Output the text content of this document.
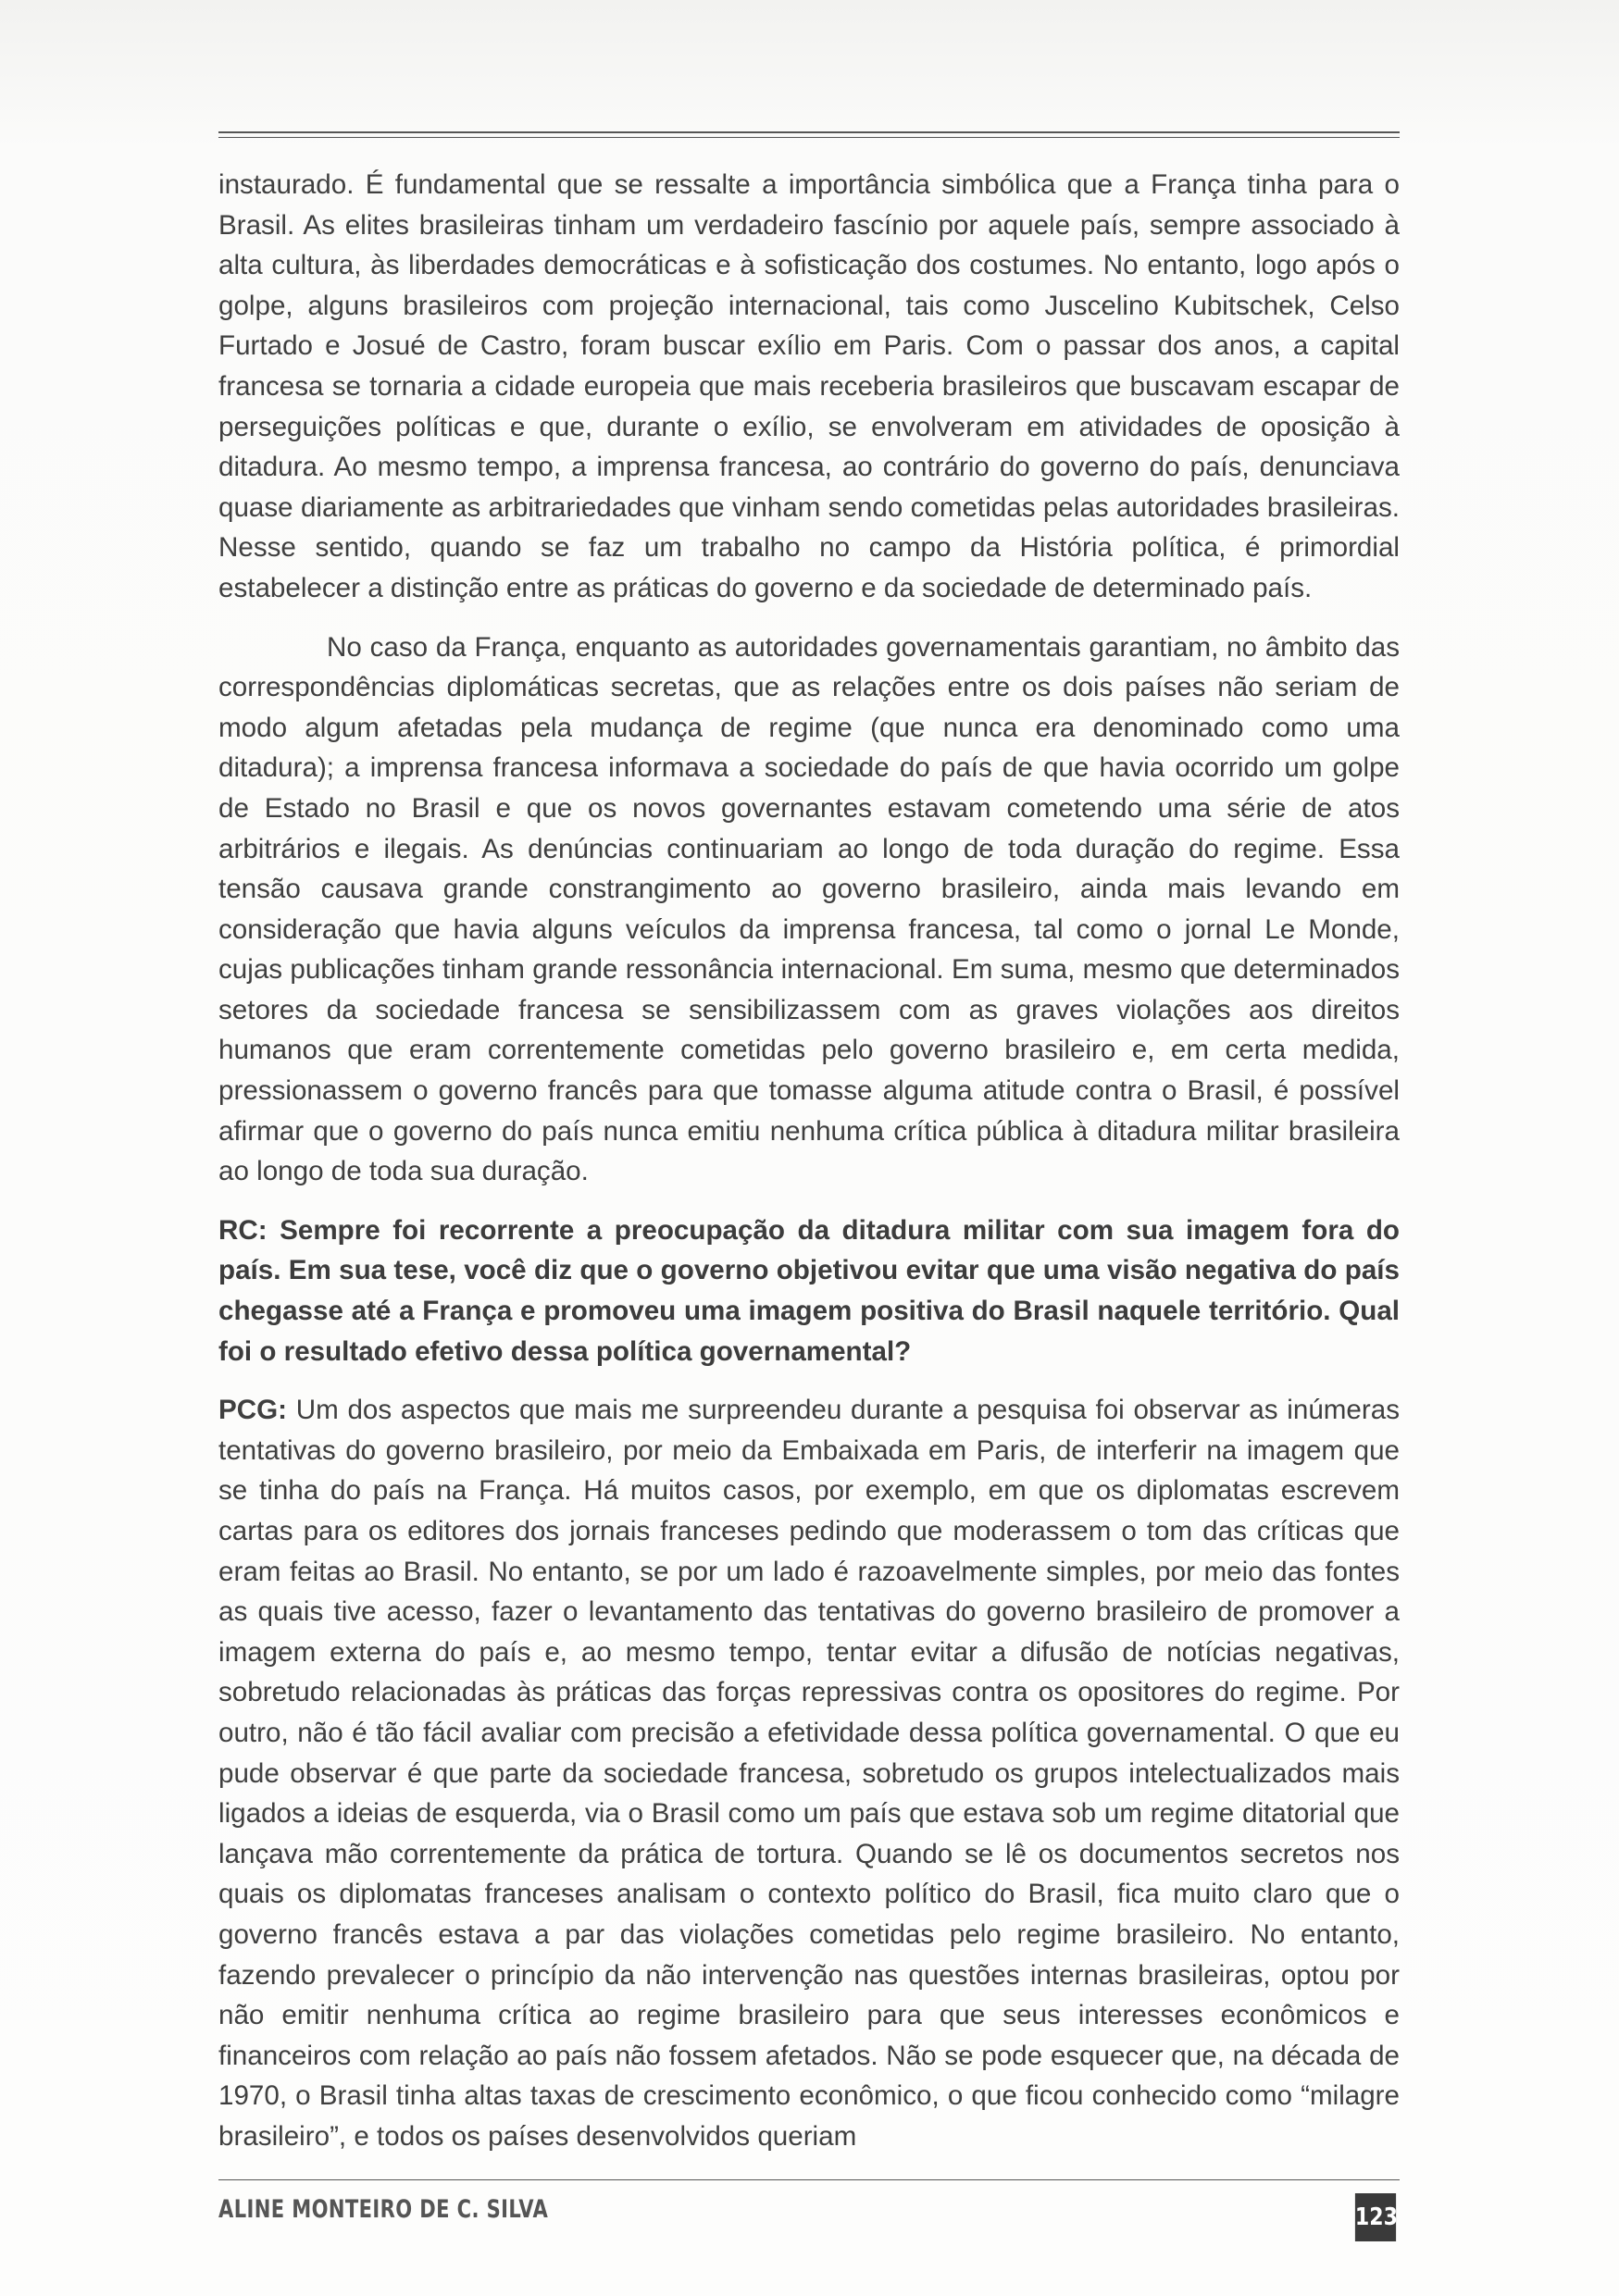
instaurado. É fundamental que se ressalte a importância simbólica que a França tinha para o Brasil. As elites brasileiras tinham um verdadeiro fascínio por aquele país, sempre associado à alta cultura, às liberdades democráticas e à sofisticação dos costumes. No entanto, logo após o golpe, alguns brasileiros com projeção internacional, tais como Juscelino Kubitschek, Celso Furtado e Josué de Castro, foram buscar exílio em Paris. Com o passar dos anos, a capital francesa se tornaria a cidade europeia que mais receberia brasileiros que buscavam escapar de perseguições políticas e que, durante o exílio, se envolveram em atividades de oposição à ditadura. Ao mesmo tempo, a imprensa francesa, ao contrário do governo do país, denunciava quase diariamente as arbitrariedades que vinham sendo cometidas pelas autoridades brasileiras. Nesse sentido, quando se faz um trabalho no campo da História política, é primordial estabelecer a distinção entre as práticas do governo e da sociedade de determinado país.

No caso da França, enquanto as autoridades governamentais garantiam, no âmbito das correspondências diplomáticas secretas, que as relações entre os dois países não seriam de modo algum afetadas pela mudança de regime (que nunca era denominado como uma ditadura); a imprensa francesa informava a sociedade do país de que havia ocorrido um golpe de Estado no Brasil e que os novos governantes estavam cometendo uma série de atos arbitrários e ilegais. As denúncias continuariam ao longo de toda duração do regime. Essa tensão causava grande constrangimento ao governo brasileiro, ainda mais levando em consideração que havia alguns veículos da imprensa francesa, tal como o jornal Le Monde, cujas publicações tinham grande ressonância internacional. Em suma, mesmo que determinados setores da sociedade francesa se sensibilizassem com as graves violações aos direitos humanos que eram correntemente cometidas pelo governo brasileiro e, em certa medida, pressionassem o governo francês para que tomasse alguma atitude contra o Brasil, é possível afirmar que o governo do país nunca emitiu nenhuma crítica pública à ditadura militar brasileira ao longo de toda sua duração.

RC: Sempre foi recorrente a preocupação da ditadura militar com sua imagem fora do país. Em sua tese, você diz que o governo objetivou evitar que uma visão negativa do país chegasse até a França e promoveu uma imagem positiva do Brasil naquele território. Qual foi o resultado efetivo dessa política governamental?

PCG: Um dos aspectos que mais me surpreendeu durante a pesquisa foi observar as inúmeras tentativas do governo brasileiro, por meio da Embaixada em Paris, de interferir na imagem que se tinha do país na França. Há muitos casos, por exemplo, em que os diplomatas escrevem cartas para os editores dos jornais franceses pedindo que moderassem o tom das críticas que eram feitas ao Brasil. No entanto, se por um lado é razoavelmente simples, por meio das fontes as quais tive acesso, fazer o levantamento das tentativas do governo brasileiro de promover a imagem externa do país e, ao mesmo tempo, tentar evitar a difusão de notícias negativas, sobretudo relacionadas às práticas das forças repressivas contra os opositores do regime. Por outro, não é tão fácil avaliar com precisão a efetividade dessa política governamental. O que eu pude observar é que parte da sociedade francesa, sobretudo os grupos intelectualizados mais ligados a ideias de esquerda, via o Brasil como um país que estava sob um regime ditatorial que lançava mão correntemente da prática de tortura. Quando se lê os documentos secretos nos quais os diplomatas franceses analisam o contexto político do Brasil, fica muito claro que o governo francês estava a par das violações cometidas pelo regime brasileiro. No entanto, fazendo prevalecer o princípio da não intervenção nas questões internas brasileiras, optou por não emitir nenhuma crítica ao regime brasileiro para que seus interesses econômicos e financeiros com relação ao país não fossem afetados. Não se pode esquecer que, na década de 1970, o Brasil tinha altas taxas de crescimento econômico, o que ficou conhecido como “milagre brasileiro”, e todos os países desenvolvidos queriam

ALINE MONTEIRO DE C. SILVA	123
